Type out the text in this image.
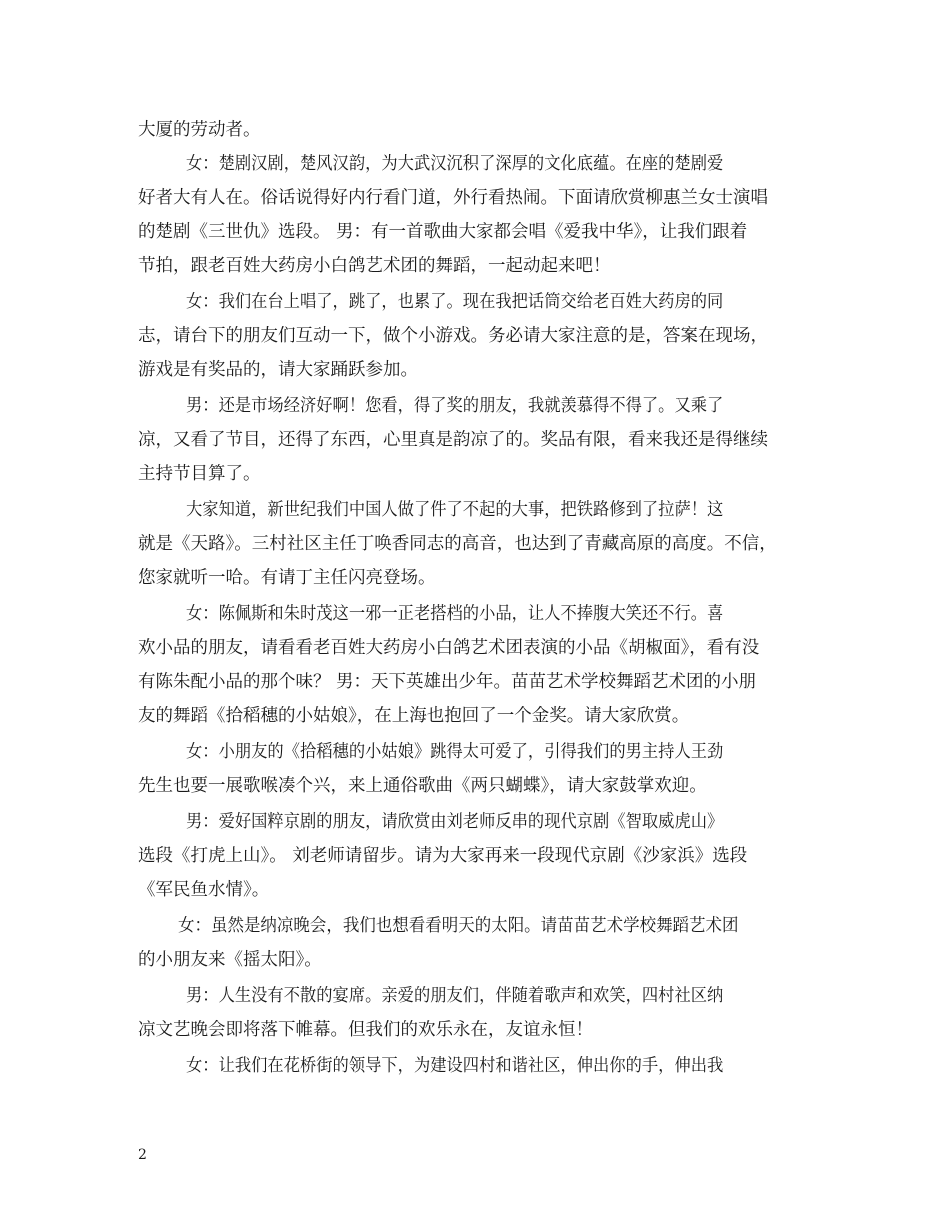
大厦的劳动者。
女：楚剧汉剧，楚风汉韵，为大武汉沉积了深厚的文化底蕴。在座的楚剧爱
好者大有人在。俗话说得好内行看门道，外行看热闹。下面请欣赏柳惠兰女士演唱
的楚剧《三世仇》选段。 男：有一首歌曲大家都会唱《爱我中华》，让我们跟着
节拍，跟老百姓大药房小白鸽艺术团的舞蹈，一起动起来吧！
女：我们在台上唱了，跳了，也累了。现在我把话筒交给老百姓大药房的同
志，请台下的朋友们互动一下，做个小游戏。务必请大家注意的是，答案在现场，
游戏是有奖品的，请大家踊跃参加。
男：还是市场经济好啊！您看，得了奖的朋友，我就羡慕得不得了。又乘了
凉，又看了节目，还得了东西，心里真是韵凉了的。奖品有限，看来我还是得继续
主持节目算了。
大家知道，新世纪我们中国人做了件了不起的大事，把铁路修到了拉萨！这
就是《天路》。三村社区主任丁唤香同志的高音，也达到了青藏高原的高度。不信，
您家就听一哈。有请丁主任闪亮登场。
女：陈佩斯和朱时茂这一邪一正老搭档的小品，让人不捧腹大笑还不行。喜
欢小品的朋友，请看看老百姓大药房小白鸽艺术团表演的小品《胡椒面》，看有没
有陈朱配小品的那个味？ 男：天下英雄出少年。苗苗艺术学校舞蹈艺术团的小朋
友的舞蹈《拾稻穗的小姑娘》，在上海也抱回了一个金奖。请大家欣赏。
女：小朋友的《拾稻穗的小姑娘》跳得太可爱了，引得我们的男主持人王劲
先生也要一展歌喉凑个兴，来上通俗歌曲《两只蝴蝶》，请大家鼓掌欢迎。
男：爱好国粹京剧的朋友，请欣赏由刘老师反串的现代京剧《智取威虎山》
选段《打虎上山》。 刘老师请留步。请为大家再来一段现代京剧《沙家浜》选段
《军民鱼水情》。
女：虽然是纳凉晚会，我们也想看看明天的太阳。请苗苗艺术学校舞蹈艺术团
的小朋友来《摇太阳》。
男：人生没有不散的宴席。亲爱的朋友们，伴随着歌声和欢笑，四村社区纳
凉文艺晚会即将落下帷幕。但我们的欢乐永在，友谊永恒！
女：让我们在花桥街的领导下，为建设四村和谐社区，伸出你的手，伸出我
2
